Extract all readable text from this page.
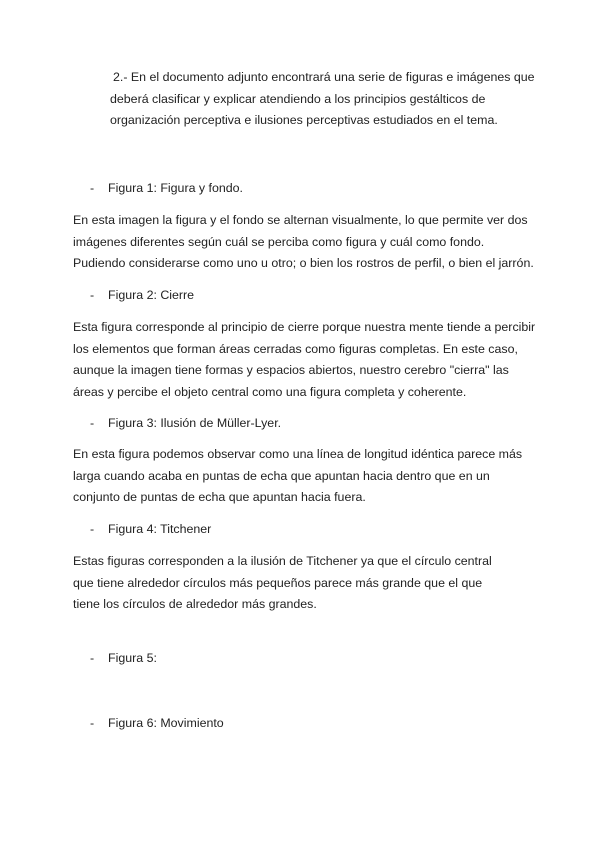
2.- En el documento adjunto encontrará una serie de figuras e imágenes que

deberá clasificar y explicar atendiendo a los principios gestálticos de

organización perceptiva e ilusiones perceptivas estudiados en el tema.

- Figura 1: Figura y fondo.

En esta imagen la figura y el fondo se alternan visualmente, lo que permite ver dos

imágenes diferentes según cuál se perciba como figura y cuál como fondo.

Pudiendo considerarse como uno u otro; o bien los rostros de perfil, o bien el jarrón.

- Figura 2: Cierre

Esta figura corresponde al principio de cierre porque nuestra mente tiende a percibir

los elementos que forman áreas cerradas como figuras completas. En este caso,

aunque la imagen tiene formas y espacios abiertos, nuestro cerebro "cierra" las

áreas y percibe el objeto central como una figura completa y coherente.

- Figura 3: Ilusión de Müller-Lyer.

En esta figura podemos observar como una línea de longitud idéntica parece más

larga cuando acaba en puntas de echa que apuntan hacia dentro que en un

conjunto de puntas de echa que apuntan hacia fuera.

- Figura 4: Titchener

Estas figuras corresponden a la ilusión de Titchener ya que el círculo central

que tiene alrededor círculos más pequeños parece más grande que el que

tiene los círculos de alrededor más grandes.

- Figura 5:
- Figura 6: Movimiento
